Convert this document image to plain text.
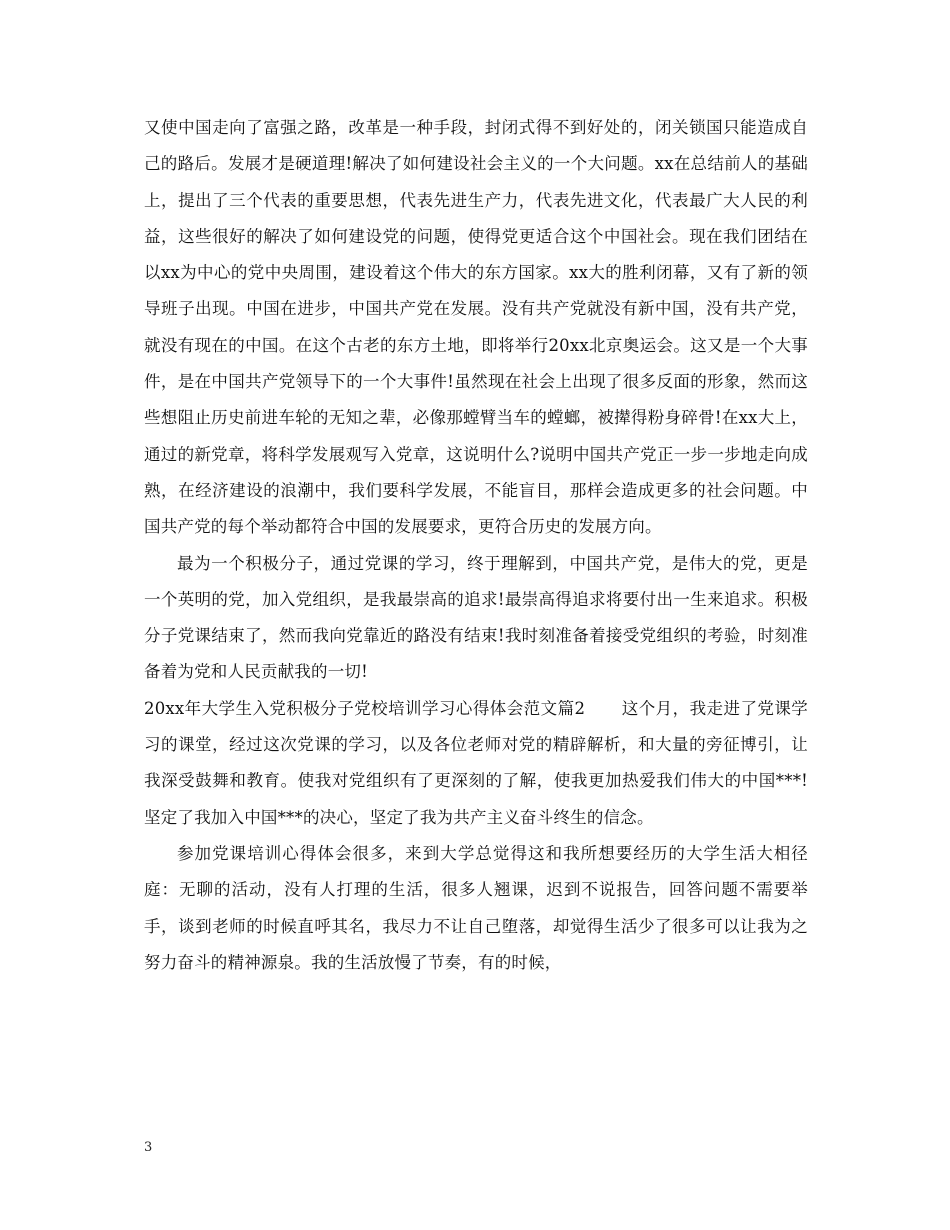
又使中国走向了富强之路，改革是一种手段，封闭式得不到好处的，闭关锁国只能造成自己的路后。发展才是硬道理!解决了如何建设社会主义的一个大问题。xx在总结前人的基础上，提出了三个代表的重要思想，代表先进生产力，代表先进文化，代表最广大人民的利益，这些很好的解决了如何建设党的问题，使得党更适合这个中国社会。现在我们团结在以xx为中心的党中央周围，建设着这个伟大的东方国家。xx大的胜利闭幕，又有了新的领导班子出现。中国在进步，中国共产党在发展。没有共产党就没有新中国，没有共产党，就没有现在的中国。在这个古老的东方土地，即将举行20xx北京奥运会。这又是一个大事件，是在中国共产党领导下的一个大事件!虽然现在社会上出现了很多反面的形象，然而这些想阻止历史前进车轮的无知之辈，必像那螳臂当车的螳螂，被撵得粉身碎骨!在xx大上，通过的新党章，将科学发展观写入党章，这说明什么?说明中国共产党正一步一步地走向成熟，在经济建设的浪潮中，我们要科学发展，不能盲目，那样会造成更多的社会问题。中国共产党的每个举动都符合中国的发展要求，更符合历史的发展方向。

最为一个积极分子，通过党课的学习，终于理解到，中国共产党，是伟大的党，更是一个英明的党，加入党组织，是我最崇高的追求!最崇高得追求将要付出一生来追求。积极分子党课结束了，然而我向党靠近的路没有结束!我时刻准备着接受党组织的考验，时刻准备着为党和人民贡献我的一切!

20xx年大学生入党积极分子党校培训学习心得体会范文篇2 这个月，我走进了党课学习的课堂，经过这次党课的学习，以及各位老师对党的精辟解析，和大量的旁征博引，让我深受鼓舞和教育。使我对党组织有了更深刻的了解，使我更加热爱我们伟大的中国***!坚定了我加入中国***的决心，坚定了我为共产主义奋斗终生的信念。

参加党课培训心得体会很多，来到大学总觉得这和我所想要经历的大学生活大相径庭：无聊的活动，没有人打理的生活，很多人翘课，迟到不说报告，回答问题不需要举手，谈到老师的时候直呼其名，我尽力不让自己堕落，却觉得生活少了很多可以让我为之努力奋斗的精神源泉。我的生活放慢了节奏，有的时候，

3
